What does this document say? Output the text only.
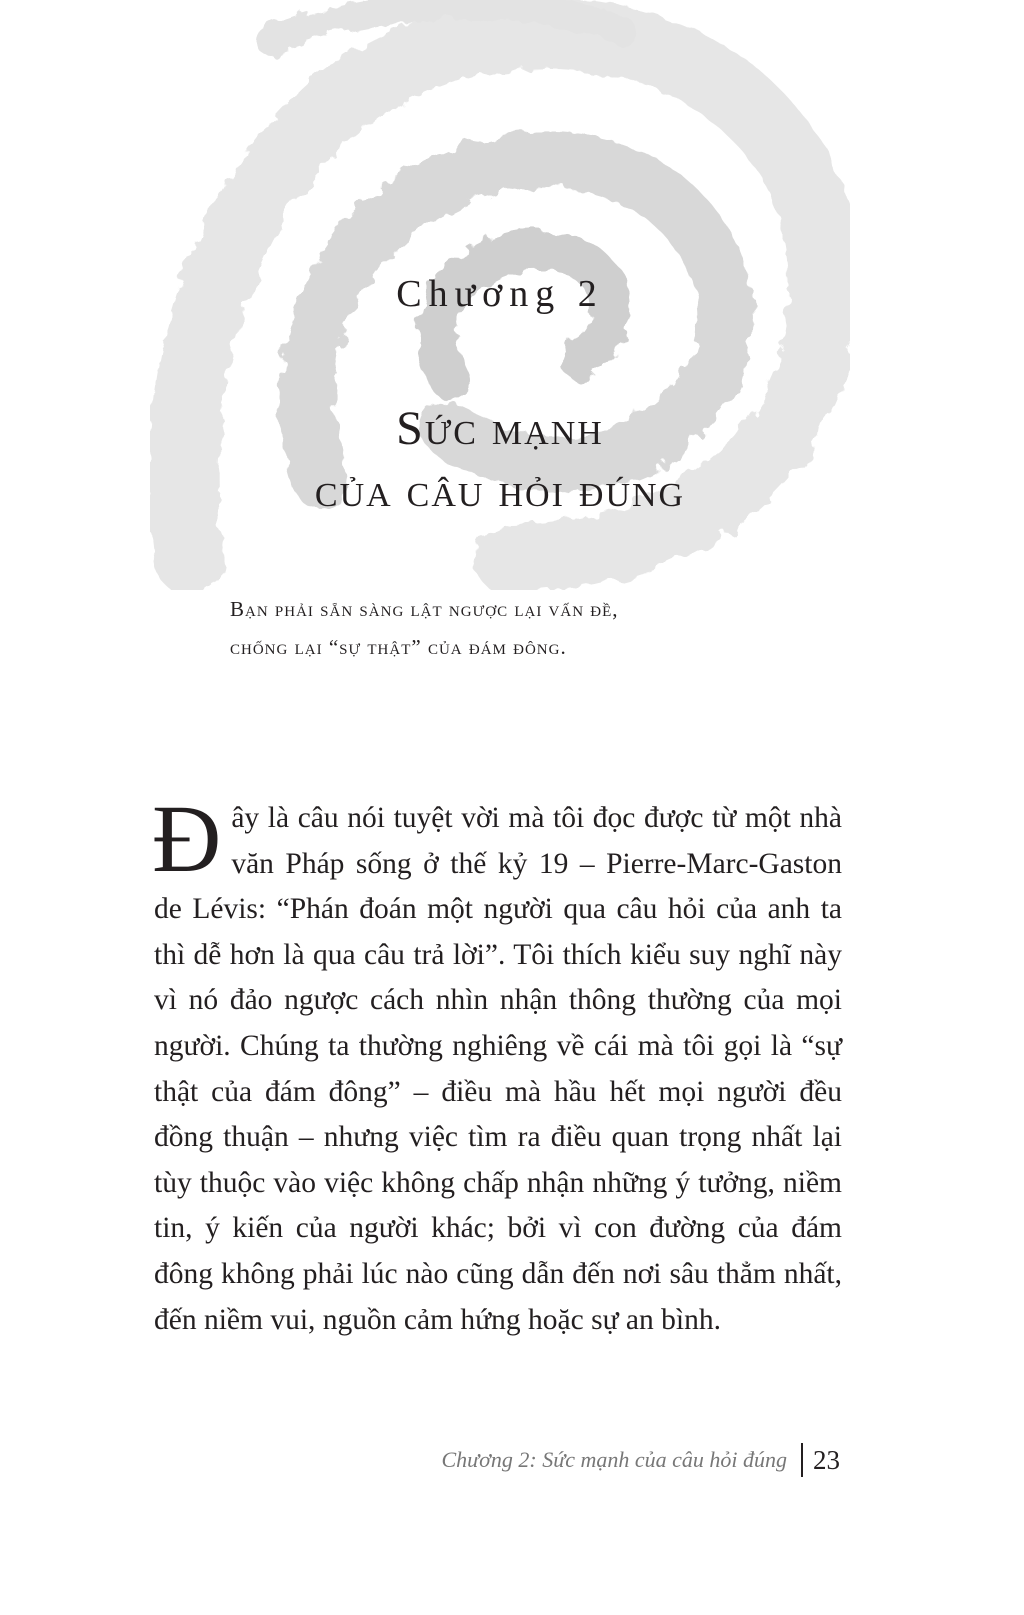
Chương 2
Sức mạnh
của câu hỏi đúng
Bạn phải sẵn sàng lật ngược lại vấn đề,
chống lại “sự thật” của đám đông.
Đây là câu nói tuyệt vời mà tôi đọc được từ một nhà văn Pháp sống ở thế kỷ 19 – Pierre-Marc-Gaston de Lévis: “Phán đoán một người qua câu hỏi của anh ta thì dễ hơn là qua câu trả lời”. Tôi thích kiểu suy nghĩ này vì nó đảo ngược cách nhìn nhận thông thường của mọi người. Chúng ta thường nghiêng về cái mà tôi gọi là “sự thật của đám đông” – điều mà hầu hết mọi người đều đồng thuận – nhưng việc tìm ra điều quan trọng nhất lại tùy thuộc vào việc không chấp nhận những ý tưởng, niềm tin, ý kiến của người khác; bởi vì con đường của đám đông không phải lúc nào cũng dẫn đến nơi sâu thẳm nhất, đến niềm vui, nguồn cảm hứng hoặc sự an bình.
Chương 2: Sức mạnh của câu hỏi đúng 23
